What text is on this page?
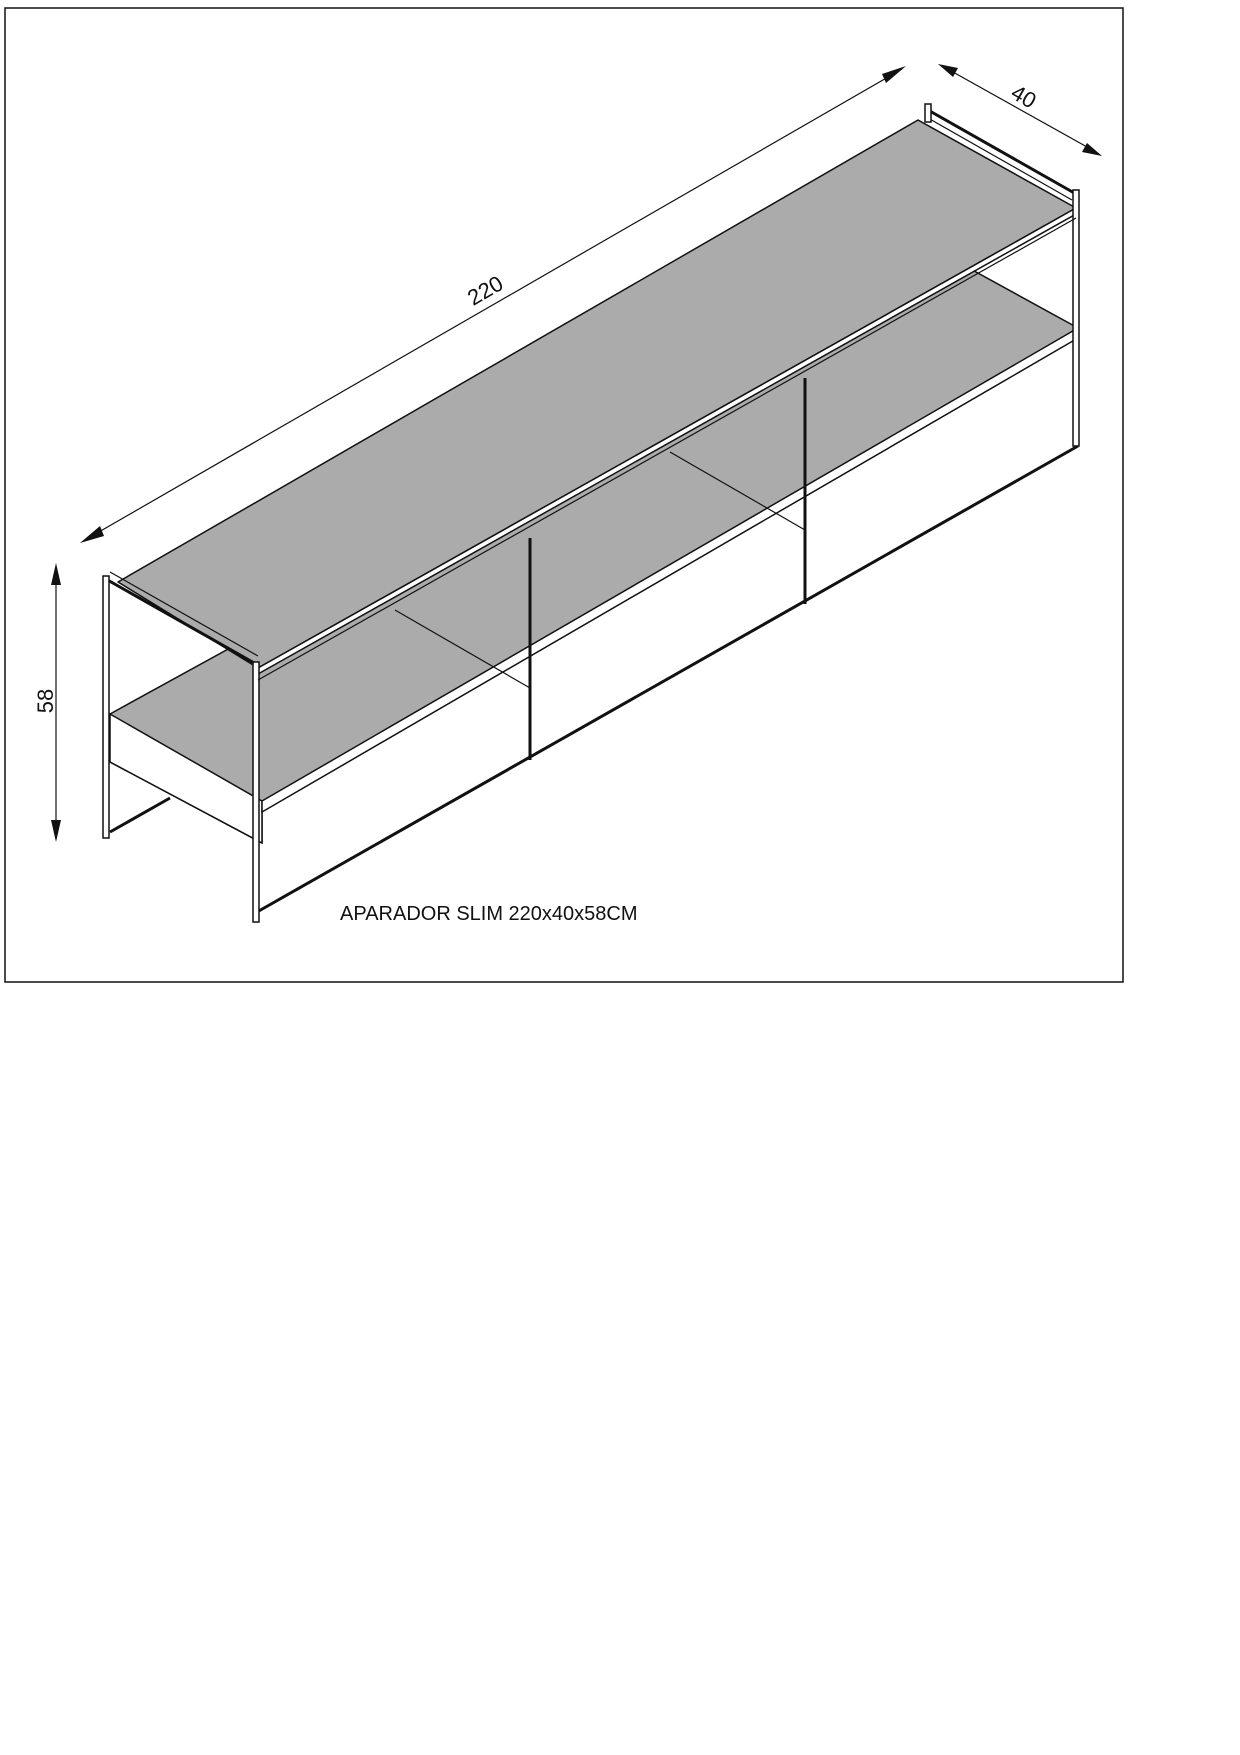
220
40
58
APARADOR SLIM 220x40x58CM
